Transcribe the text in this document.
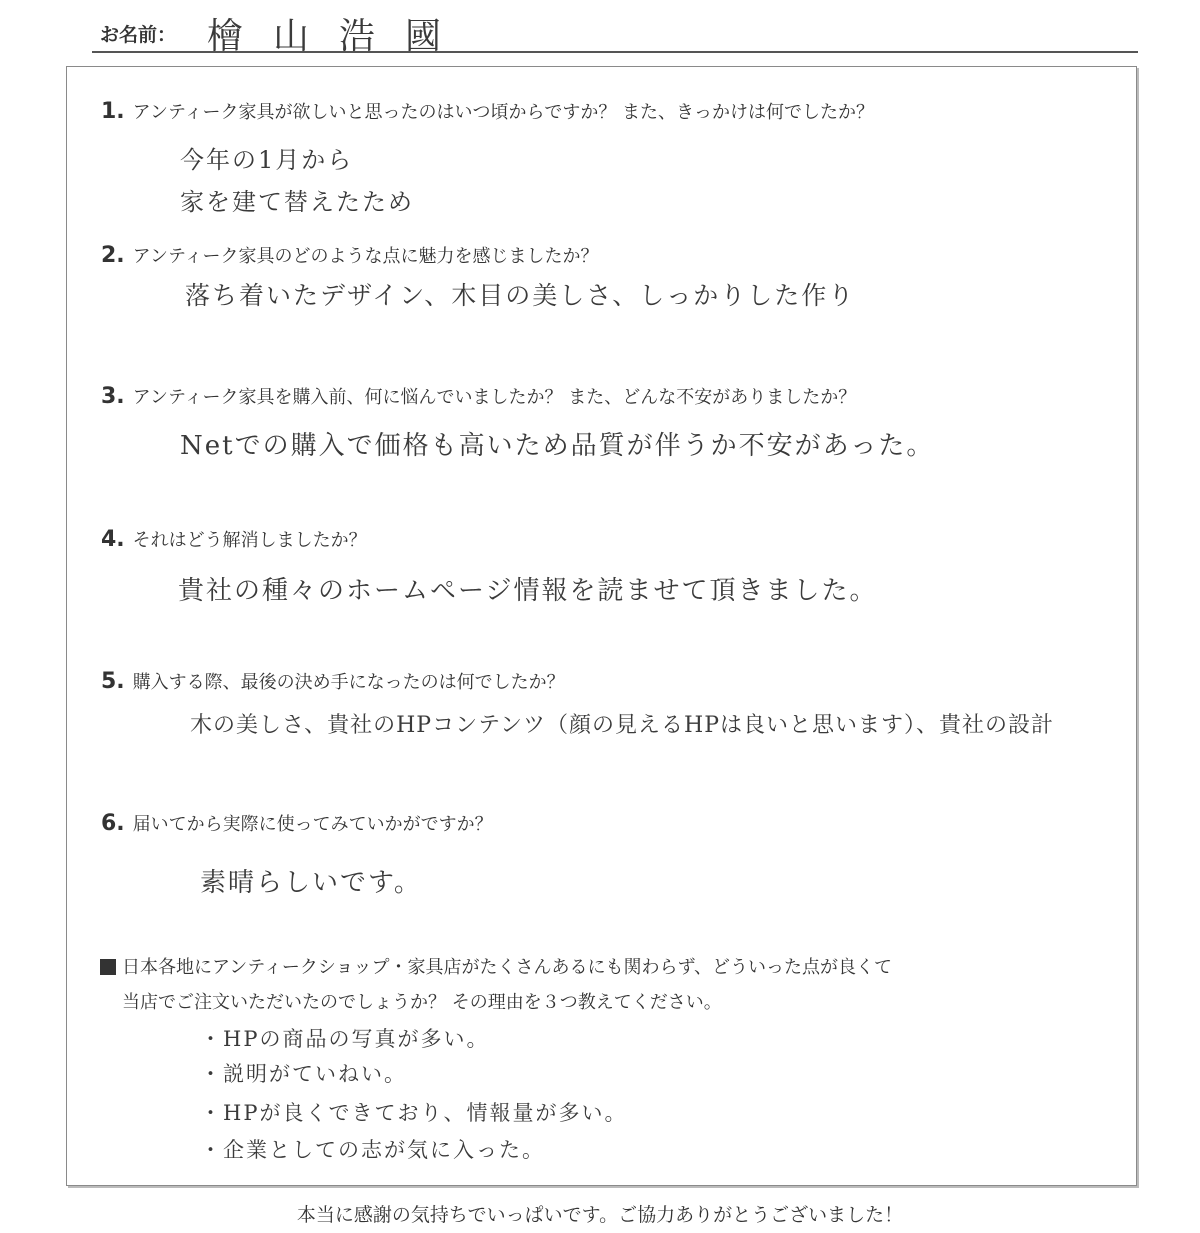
お名前： 檜山浩國
1. アンティーク家具が欲しいと思ったのはいつ頃からですか？ また、きっかけは何でしたか？
今年の1月から
家を建て替えたため
2. アンティーク家具のどのような点に魅力を感じましたか？
落ち着いたデザイン、木目の美しさ、しっかりした作り
3. アンティーク家具を購入前、何に悩んでいましたか？ また、どんな不安がありましたか？
Netでの購入で価格も高いため品質が伴うか不安があった。
4. それはどう解消しましたか？
貴社の種々のホームページ情報を読ませて頂きました。
5. 購入する際、最後の決め手になったのは何でしたか？
木の美しさ、貴社のHPコンテンツ（顔の見えるHPは良いと思います）、貴社の設計
6. 届いてから実際に使ってみていかがですか？
素晴らしいです。
日本各地にアンティークショップ・家具店がたくさんあるにも関わらず、どういった点が良くて
当店でご注文いただいたのでしょうか？ その理由を３つ教えてください。
・HPの商品の写真が多い。
・説明がていねい。
・HPが良くできており、情報量が多い。
・企業としての志が気に入った。
本当に感謝の気持ちでいっぱいです。ご協力ありがとうございました！
